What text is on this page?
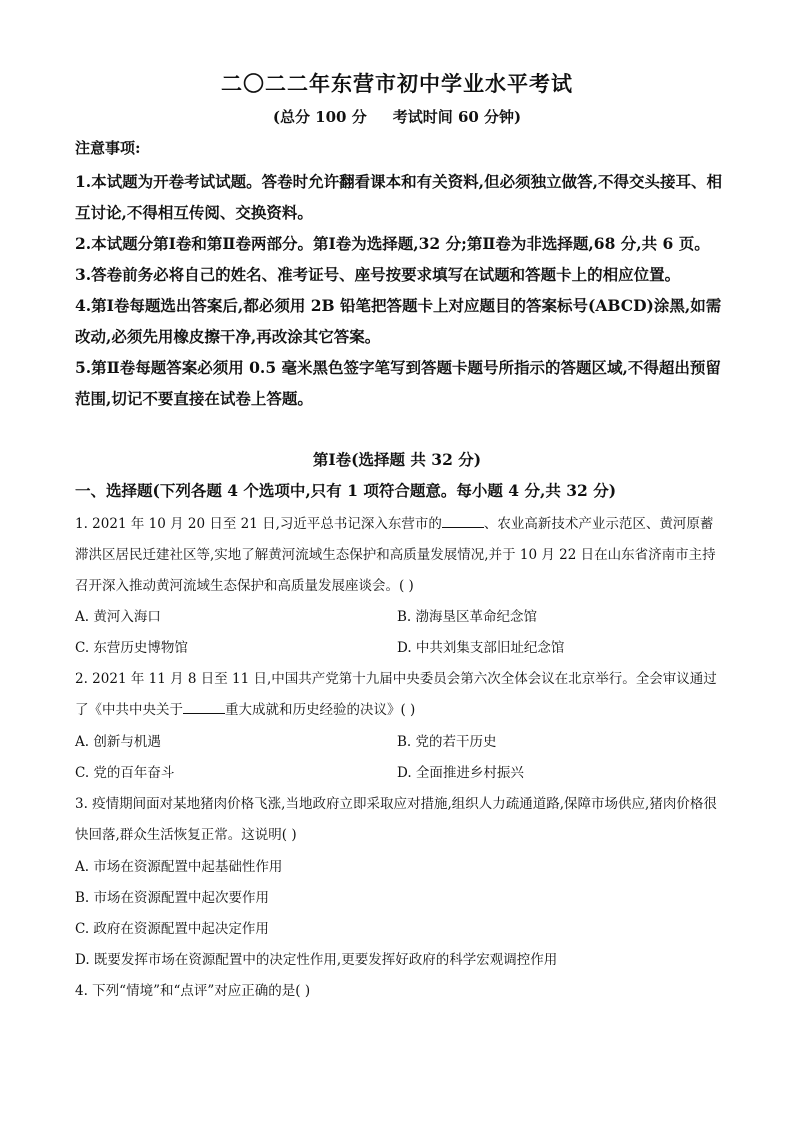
二〇二二年东营市初中学业水平考试
(总分 100 分 考试时间 60 分钟)
注意事项:

1.本试题为开卷考试试题。答卷时允许翻看课本和有关资料,但必须独立做答,不得交头接耳、相互讨论,不得相互传阅、交换资料。

2.本试题分第Ⅰ卷和第Ⅱ卷两部分。第Ⅰ卷为选择题,32 分;第Ⅱ卷为非选择题,68 分,共 6 页。

3.答卷前务必将自己的姓名、准考证号、座号按要求填写在试题和答题卡上的相应位置。

4.第Ⅰ卷每题选出答案后,都必须用 2B 铅笔把答题卡上对应题目的答案标号(ABCD)涂黑,如需改动,必须先用橡皮擦干净,再改涂其它答案。

5.第Ⅱ卷每题答案必须用 0.5 毫米黑色签字笔写到答题卡题号所指示的答题区域,不得超出预留范围,切记不要直接在试卷上答题。

第Ⅰ卷(选择题 共 32 分)
一、选择题(下列各题 4 个选项中,只有 1 项符合题意。每小题 4 分,共 32 分)

1. 2021 年 10 月 20 日至 21 日,习近平总书记深入东营市的	、农业高新技术产业示范区、黄河原蓄滞洪区居民迁建社区等,实地了解黄河流域生态保护和高质量发展情况,并于 10 月 22 日在山东省济南市主持召开深入推动黄河流域生态保护和高质量发展座谈会。( )

A. 黄河入海口	B. 渤海垦区革命纪念馆
C. 东营历史博物馆	D. 中共刘集支部旧址纪念馆

2. 2021 年 11 月 8 日至 11 日,中国共产党第十九届中央委员会第六次全体会议在北京举行。全会审议通过了《中共中央关于	重大成就和历史经验的决议》( )

A. 创新与机遇	B. 党的若干历史
C. 党的百年奋斗	D. 全面推进乡村振兴

3. 疫情期间面对某地猪肉价格飞涨,当地政府立即采取应对措施,组织人力疏通道路,保障市场供应,猪肉价格很快回落,群众生活恢复正常。这说明( )

A. 市场在资源配置中起基础性作用
B. 市场在资源配置中起次要作用
C. 政府在资源配置中起决定作用
D. 既要发挥市场在资源配置中的决定性作用,更要发挥好政府的科学宏观调控作用

4. 下列“情境”和“点评”对应正确的是( )
